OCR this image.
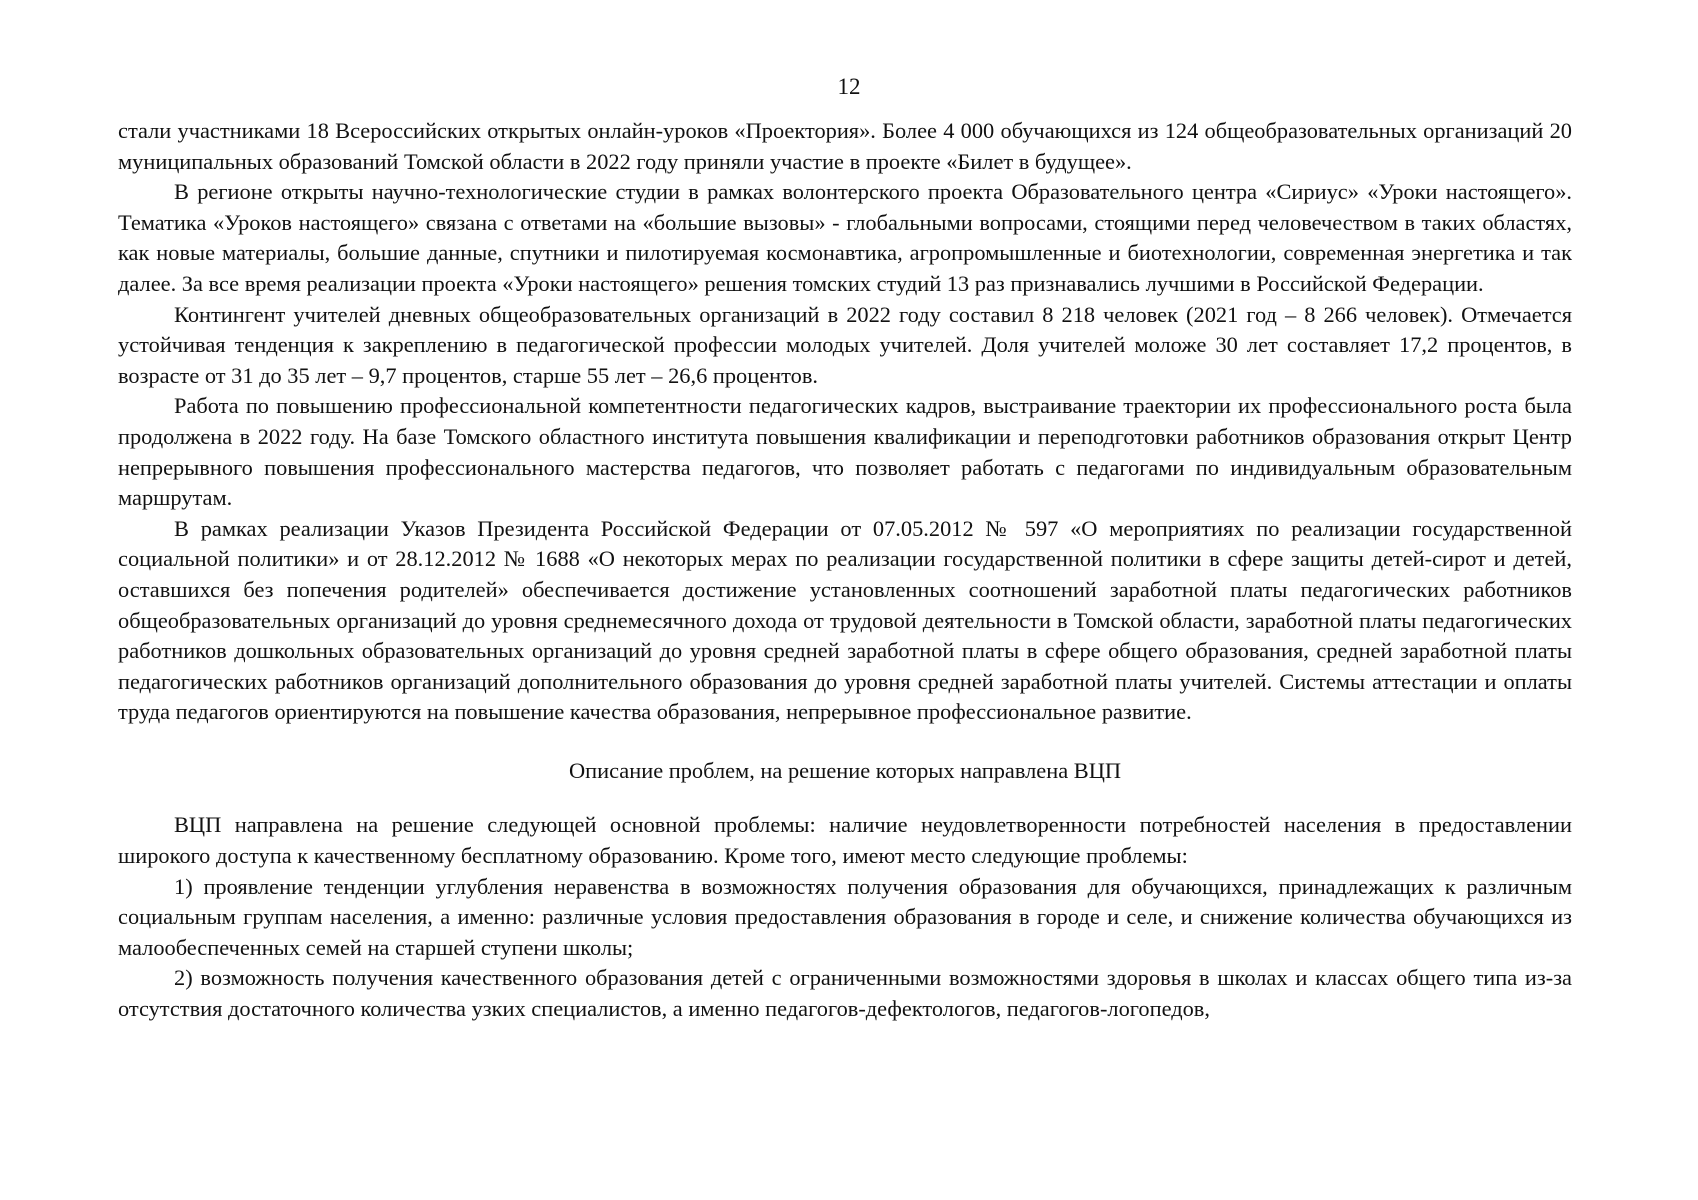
12

стали участниками 18 Всероссийских открытых онлайн-уроков «Проектория». Более 4 000 обучающихся из 124 общеобразовательных организаций 20 муниципальных образований Томской области в 2022 году приняли участие в проекте «Билет в будущее».

В регионе открыты научно-технологические студии в рамках волонтерского проекта Образовательного центра «Сириус» «Уроки настоящего». Тематика «Уроков настоящего» связана с ответами на «большие вызовы» - глобальными вопросами, стоящими перед человечеством в таких областях, как новые материалы, большие данные, спутники и пилотируемая космонавтика, агропромышленные и биотехнологии, современная энергетика и так далее. За все время реализации проекта «Уроки настоящего» решения томских студий 13 раз признавались лучшими в Российской Федерации.

Контингент учителей дневных общеобразовательных организаций в 2022 году составил 8 218 человек (2021 год – 8 266 человек). Отмечается устойчивая тенденция к закреплению в педагогической профессии молодых учителей. Доля учителей моложе 30 лет составляет 17,2 процентов, в возрасте от 31 до 35 лет – 9,7 процентов, старше 55 лет – 26,6 процентов.

Работа по повышению профессиональной компетентности педагогических кадров, выстраивание траектории их профессионального роста была продолжена в 2022 году. На базе Томского областного института повышения квалификации и переподготовки работников образования открыт Центр непрерывного повышения профессионального мастерства педагогов, что позволяет работать с педагогами по индивидуальным образовательным маршрутам.

В рамках реализации Указов Президента Российской Федерации от 07.05.2012 № 597 «О мероприятиях по реализации государственной социальной политики» и от 28.12.2012 № 1688 «О некоторых мерах по реализации государственной политики в сфере защиты детей-сирот и детей, оставшихся без попечения родителей» обеспечивается достижение установленных соотношений заработной платы педагогических работников общеобразовательных организаций до уровня среднемесячного дохода от трудовой деятельности в Томской области, заработной платы педагогических работников дошкольных образовательных организаций до уровня средней заработной платы в сфере общего образования, средней заработной платы педагогических работников организаций дополнительного образования до уровня средней заработной платы учителей. Системы аттестации и оплаты труда педагогов ориентируются на повышение качества образования, непрерывное профессиональное развитие.

Описание проблем, на решение которых направлена ВЦП

ВЦП направлена на решение следующей основной проблемы: наличие неудовлетворенности потребностей населения в предоставлении широкого доступа к качественному бесплатному образованию. Кроме того, имеют место следующие проблемы:

1) проявление тенденции углубления неравенства в возможностях получения образования для обучающихся, принадлежащих к различным социальным группам населения, а именно: различные условия предоставления образования в городе и селе, и снижение количества обучающихся из малообеспеченных семей на старшей ступени школы;

2) возможность получения качественного образования детей с ограниченными возможностями здоровья в школах и классах общего типа из-за отсутствия достаточного количества узких специалистов, а именно педагогов-дефектологов, педагогов-логопедов,
